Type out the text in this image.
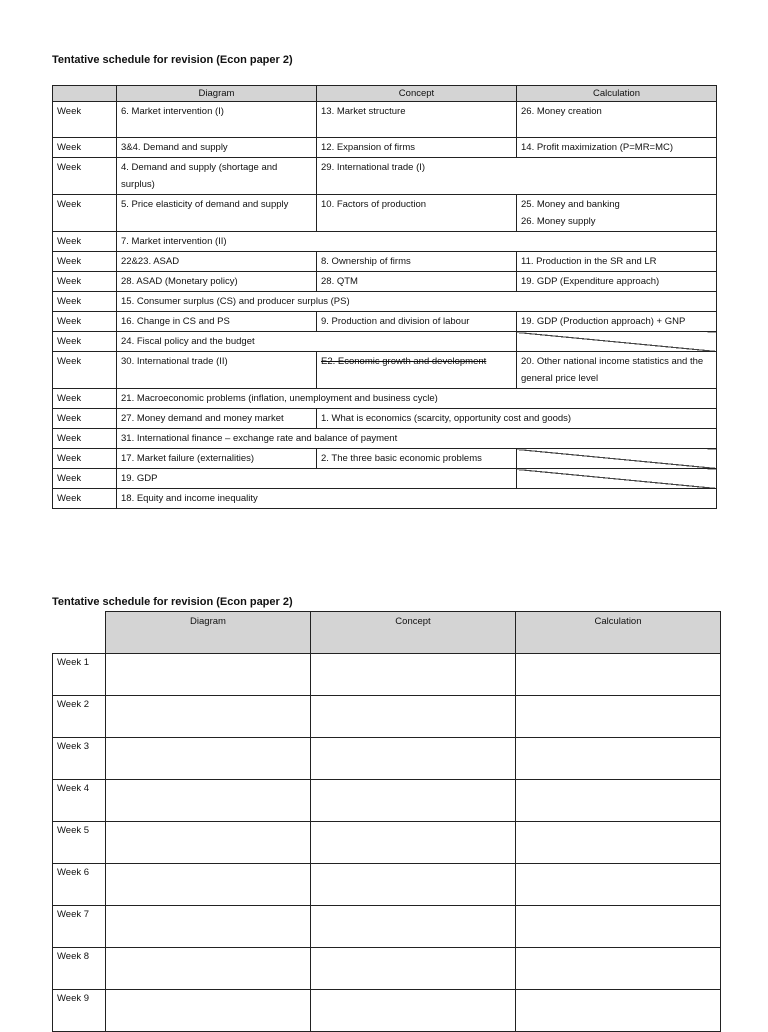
Tentative schedule for revision (Econ paper 2)
	Diagram	Concept	Calculation
Week	6. Market intervention (I)	13. Market structure	26. Money creation
Week	3&4. Demand and supply	12. Expansion of firms	14. Profit maximization (P=MR=MC)
Week	4. Demand and supply (shortage and surplus)	29. International trade (I)	
Week	5. Price elasticity of demand and supply	10. Factors of production	25. Money and banking
26. Money supply

Week	7. Market intervention (II)		
Week	22&23. ASAD	8. Ownership of firms	11. Production in the SR and LR
Week	28. ASAD (Monetary policy)	28. QTM	19. GDP (Expenditure approach)
Week	15. Consumer surplus (CS) and producer surplus (PS)		
Week	16. Change in CS and PS	9. Production and division of labour	19. GDP (Production approach) + GNP
Week	24. Fiscal policy and the budget		
Week	30. International trade (II)	E2. Economic growth and development	20. Other national income statistics and the general price level
Week	21. Macroeconomic problems (inflation, unemployment and business cycle)		
Week	27. Money demand and money market	1. What is economics (scarcity, opportunity cost and goods)	
Week	31. International finance – exchange rate and balance of payment		
Week	17. Market failure (externalities)	2. The three basic economic problems	
Week	19. GDP		
Week	18. Equity and income inequality		
Tentative schedule for revision (Econ paper 2)
	Diagram	Concept	Calculation
Week 1			
Week 2			
Week 3			
Week 4			
Week 5			
Week 6			
Week 7			
Week 8			
Week 9			
